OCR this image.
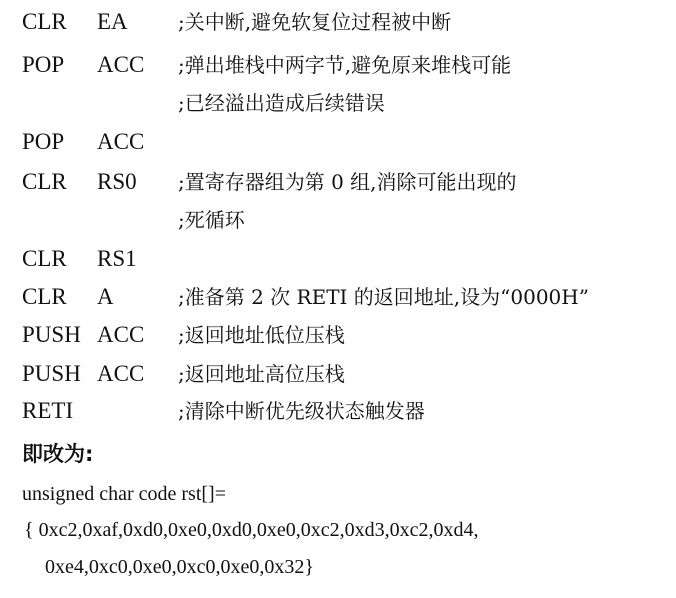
CLR EA	;关中断,避免软复位过程被中断
POP ACC ;弹出堆栈中两字节,避免原来堆栈可能
;已经溢出造成后续错误
POP ACC
CLR RS0 ;置寄存器组为第 0 组,消除可能出现的
;死循环
CLR RS1
CLR A	;准备第 2 次 RETI 的返回地址,设为“0000H”
PUSH ACC ;返回地址低位压栈
PUSH ACC ;返回地址高位压栈
RETI	;清除中断优先级状态触发器
即改为:
unsigned char code rst[]=
{ 0xc2,0xaf,0xd0,0xe0,0xd0,0xe0,0xc2,0xd3,0xc2,0xd4,
0xe4,0xc0,0xe0,0xc0,0xe0,0x32}
